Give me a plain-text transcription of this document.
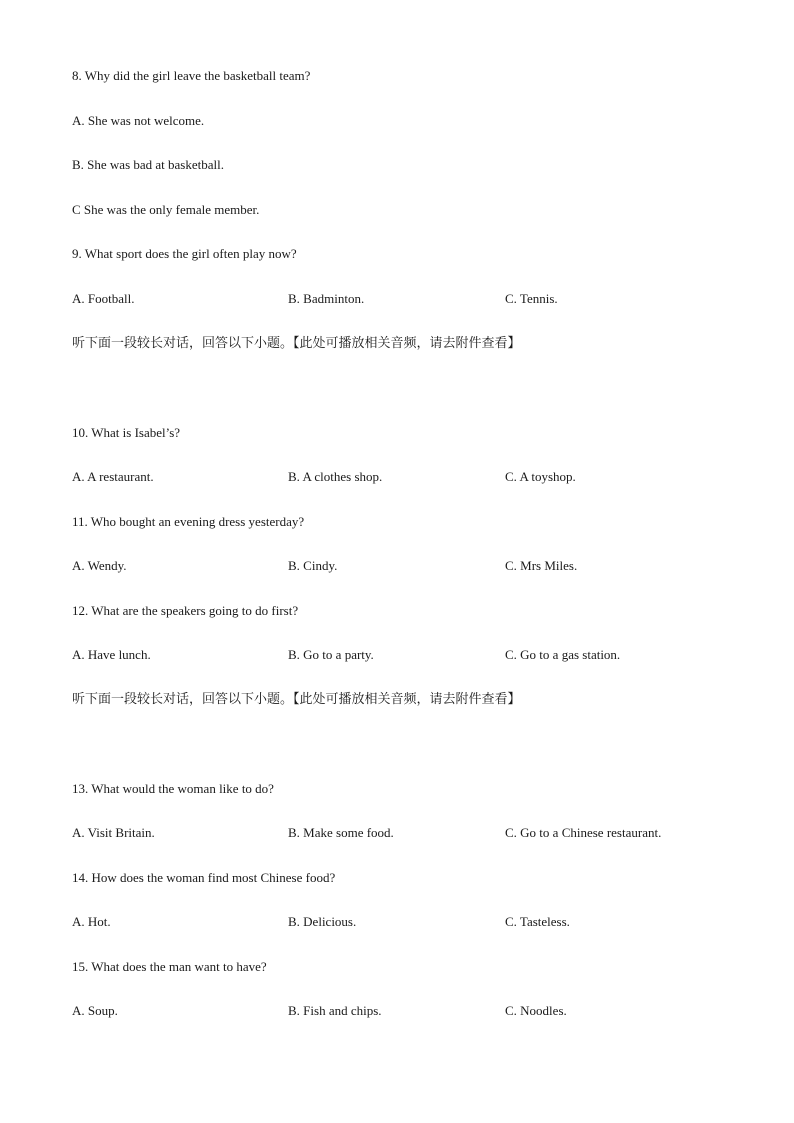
8. Why did the girl leave the basketball team?
A. She was not welcome.
B. She was bad at basketball.
C She was the only female member.
9. What sport does the girl often play now?
A. Football.	B. Badminton.	C. Tennis.
听下面一段较长对话，回答以下小题。【此处可播放相关音频，请去附件查看】
10. What is Isabel’s?
A. A restaurant.	B. A clothes shop.	C. A toyshop.
11. Who bought an evening dress yesterday?
A. Wendy.	B. Cindy.	C. Mrs Miles.
12. What are the speakers going to do first?
A. Have lunch.	B. Go to a party.	C. Go to a gas station.
听下面一段较长对话，回答以下小题。【此处可播放相关音频，请去附件查看】
13. What would the woman like to do?
A. Visit Britain.	B. Make some food.	C. Go to a Chinese restaurant.
14. How does the woman find most Chinese food?
A. Hot.	B. Delicious.	C. Tasteless.
15. What does the man want to have?
A. Soup.	B. Fish and chips.	C. Noodles.
